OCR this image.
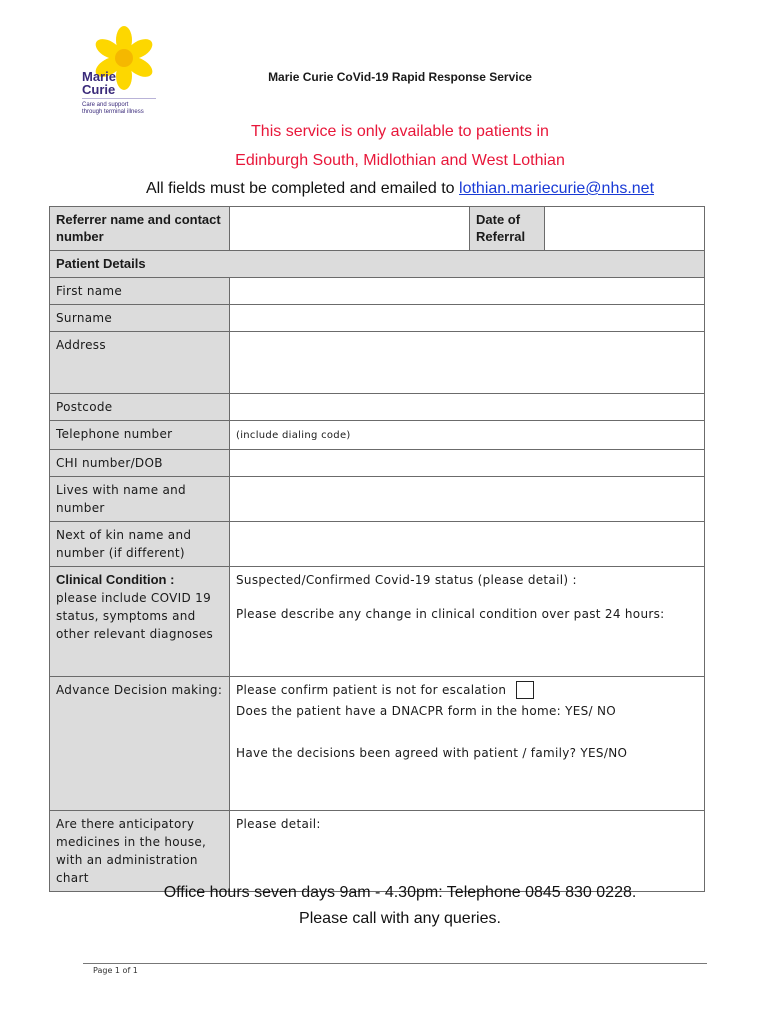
Marie
Curie
Care and support
through terminal illness
Marie Curie CoVid-19 Rapid Response Service
This service is only available to patients in
Edinburgh South, Midlothian and West Lothian
All fields must be completed and emailed to lothian.mariecurie@nhs.net
Referrer name and contact number		Date of Referral	
Patient Details			
First name			
Surname			
Address			
Postcode			
Telephone number	(include dialing code)		
CHI number/DOB			
Lives with name and number			
Next of kin name and number (if different)			

Clinical Condition :
please include COVID 19 status, symptoms and other relevant diagnoses	Suspected/Confirmed Covid-19 status (please detail) :
Please describe any change in clinical condition over past 24 hours:		

Advance Decision making:	Please confirm patient is not for escalation
Does the patient have a DNACPR form in the home: YES/ NO
Have the decisions been agreed with patient / family? YES/NO		

Are there anticipatory medicines in the house, with an administration chart	Please detail:		
Office hours seven days 9am - 4.30pm: Telephone 0845 830 0228.
Please call with any queries.
Page 1 of 1
